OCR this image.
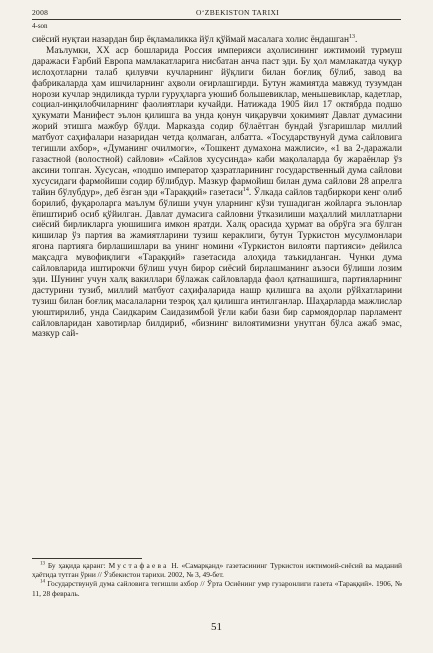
2008	O‘ZBEKISTON TARIXI
4-son

сиёсий нуқтаи назардан бир ёқламаликка йўл қўймай масалага холис ёндашган$^{13}$.

Маълумки, XX аср бошларида Россия империяси аҳолисининг ижтимоий турмуш даражаси Ғарбий Европа мамлакатларига нисбатан анча паст эди. Бу ҳол мамлакатда чуқур ислоҳотларни талаб қилувчи кучларнинг йўқлиги билан боғлиқ бўлиб, завод ва фабрикаларда ҳам ишчиларнинг аҳволи оғирлашгирди. Бутун жамиятда мавжуд тузумдан норози кучлар эндиликда турли гуруҳларга уюшиб большевиклар, меньшевиклар, кадетлар, социал-инқилобчиларнинг фаолиятлари кучайди. Натижада 1905 йил 17 октябрда подшо ҳукумати Манифест эълон қилишга ва унда қонун чиқарувчи ҳокимият Давлат думасини жорий этишга мажбур бўлди. Марказда содир бўлаётган бундай ўзгаришлар миллий матбуот саҳифалари назаридан четда қолмаган, албатта. «Тосударствунуй дума сайловига тегишли ахбор», «Думанинг очилмоги», «Тошкент думахона мажлиси», «1 ва 2-даражали газастной (волостной) сайлови» «Сайлов хусусинда» каби мақолаларда бу жараёнлар ўз аксини топган. Хусусан, «подшо император ҳазратларининг государственный дума сайлови хусусидаги фармойиши содир бўлибдур. Мазкур фармойиш билан дума сайлови 28 апрелга тайин бўлубдур», деб ёзган эди «Тараққий» газетаси$^{14}$. Ўлкада сайлов тадбиркори кенг олиб борилиб, фуқароларга маълум бўлиши учун уларнинг кўзи тушадиган жойларга эълонлар ёпиштириб осиб қўйилган. Давлат думасига сайловни ўтказилиши маҳаллий миллатларни сиёсий бирликларга уюшишига имкон яратди. Халқ орасида ҳурмат ва обрўга эга бўлган кишилар ўз партия ва жамиятларини тузиш кераклиги, бутун Туркистон мусулмонлари ягона партияга бирлашишлари ва унинг номини «Туркистон вилояти партияси» дейилса мақсадга мувофиқлиги «Тараққий» газетасида алоҳида таъкидланган. Чунки дума сайловларида иштирокчи бўлиш учун бирор сиёсий бирлашманинг аъзоси бўлиши лозим эди. Шунинг учун халқ вакиллари бўлажак сайловларда фаол қатнашишга, партияларнинг дастурини тузиб, миллий матбуот саҳифаларида нашр қилишга ва аҳоли рўйхатларини тузиш билан боғлиқ масалаларни тезроқ ҳал қилишга интилганлар. Шаҳарларда мажлислар уюштирилиб, унда Саидкарим Саидазимбой ўғли каби бази бир сармоядорлар парламент сайловларидан хавотирлар билдириб, «бизнинг вилоятимизни унутган бўлса ажаб эмас, мазкур сай-

$^{13}$ Бу ҳақида қаранг: Мустафаева Н. «Самарқанд» газетасининг Туркистон ижтимоий-сиёсий ва маданий ҳаётида тутган ўрни // Ўзбекистон тарихи. 2002, № 3, 49-бет.

$^{14}$ Государствунуй дума сайловига тегишли ахбор // Ўрта Осиёнинг умр гузаронлиги газета «Тараққий». 1906, № 11, 28 февраль.

51
